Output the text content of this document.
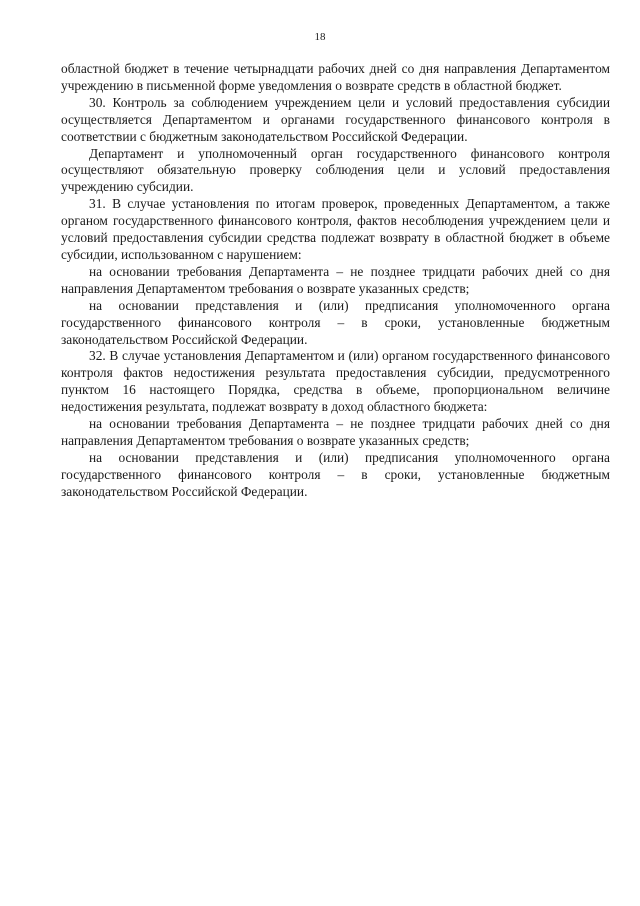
18

областной бюджет в течение четырнадцати рабочих дней со дня направления Департаментом учреждению в письменной форме уведомления о возврате средств в областной бюджет.

30. Контроль за соблюдением учреждением цели и условий предоставления субсидии осуществляется Департаментом и органами государственного финансового контроля в соответствии с бюджетным законодательством Российской Федерации.

Департамент и уполномоченный орган государственного финансового контроля осуществляют обязательную проверку соблюдения цели и условий предоставления учреждению субсидии.

31. В случае установления по итогам проверок, проведенных Департаментом, а также органом государственного финансового контроля, фактов несоблюдения учреждением цели и условий предоставления субсидии средства подлежат возврату в областной бюджет в объеме субсидии, использованном с нарушением:

на основании требования Департамента – не позднее тридцати рабочих дней со дня направления Департаментом требования о возврате указанных средств;

на основании представления и (или) предписания уполномоченного органа государственного финансового контроля – в сроки, установленные бюджетным законодательством Российской Федерации.

32. В случае установления Департаментом и (или) органом государственного финансового контроля фактов недостижения результата предоставления субсидии, предусмотренного пунктом 16 настоящего Порядка, средства в объеме, пропорциональном величине недостижения результата, подлежат возврату в доход областного бюджета:

на основании требования Департамента – не позднее тридцати рабочих дней со дня направления Департаментом требования о возврате указанных средств;

на основании представления и (или) предписания уполномоченного органа государственного финансового контроля – в сроки, установленные бюджетным законодательством Российской Федерации.
